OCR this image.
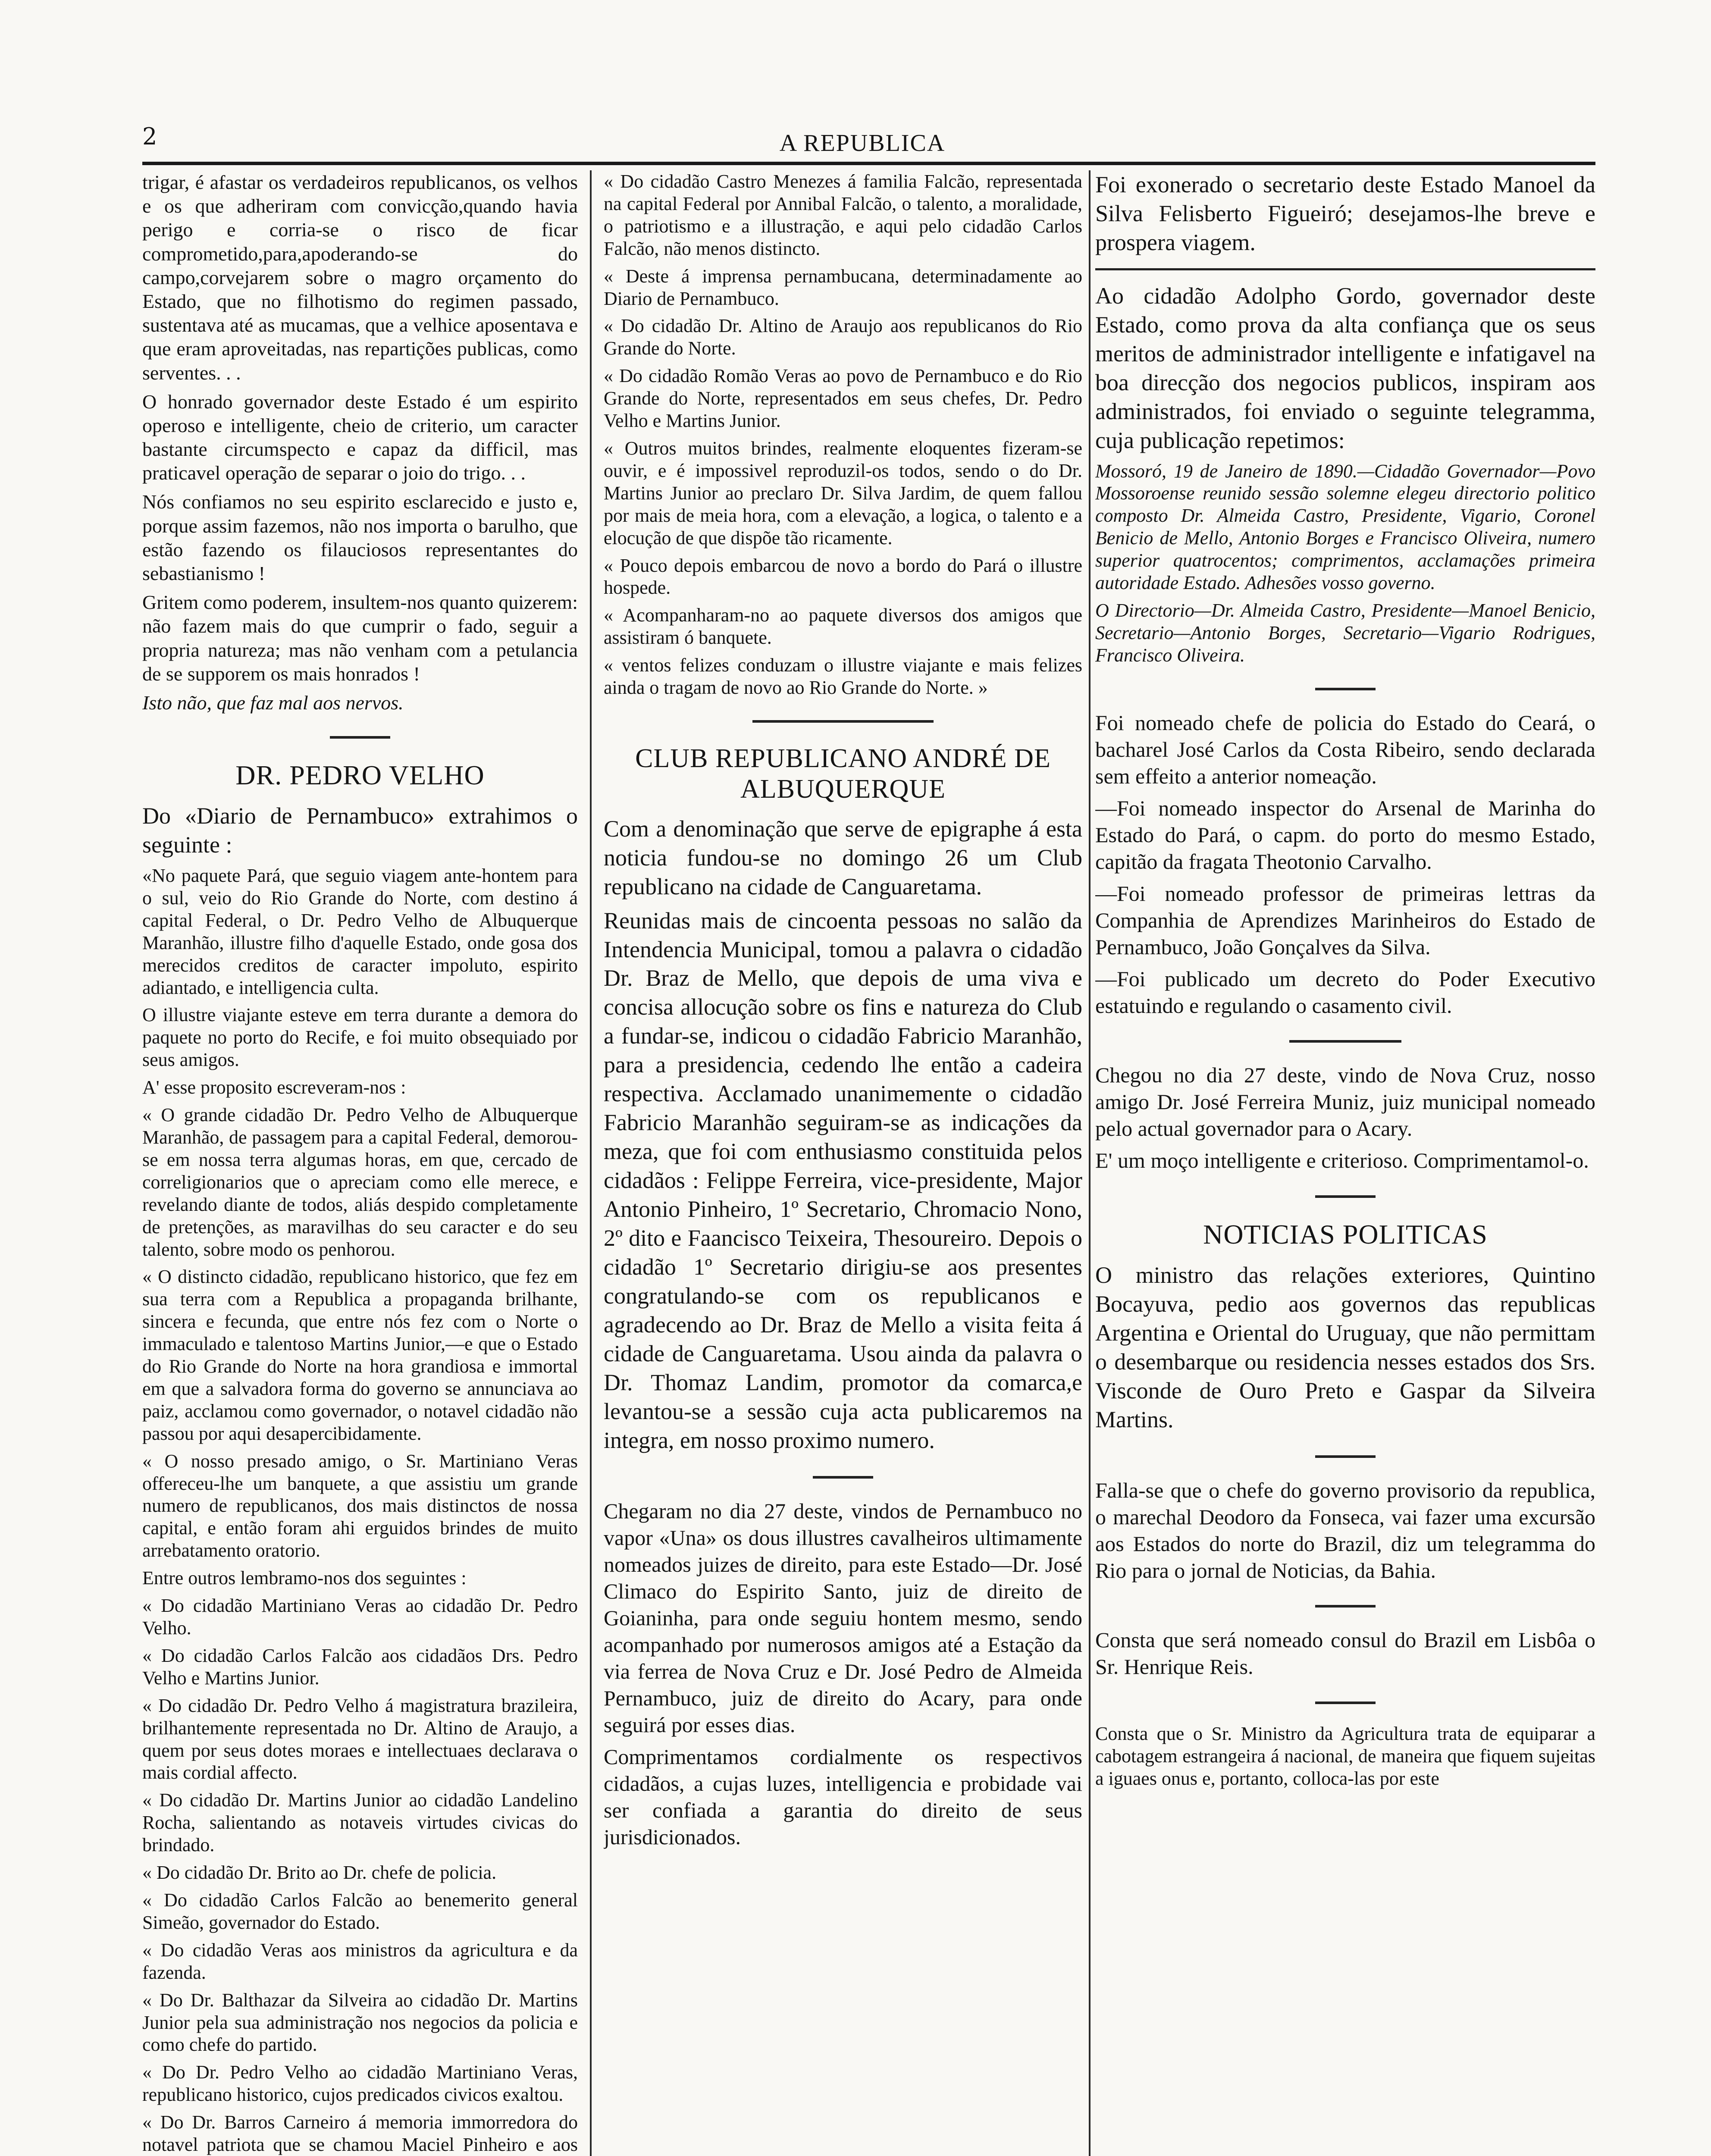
2	A REPUBLICA

trigar, é afastar os verdadeiros republicanos, os velhos e os que adheriram com convicção,quando havia perigo e corria-se o risco de ficar comprometido,para,apoderando-se do campo,corvejarem sobre o magro orçamento do Estado, que no filhotismo do regimen passado, sustentava até as mucamas, que a velhice aposentava e que eram aproveitadas, nas repartições publicas, como serventes. . .

O honrado governador deste Estado é um espirito operoso e intelligente, cheio de criterio, um caracter bastante circumspecto e capaz da difficil, mas praticavel operação de separar o joio do trigo. . .

Nós confiamos no seu espirito esclarecido e justo e, porque assim fazemos, não nos importa o barulho, que estão fazendo os filauciosos representantes do sebastianismo !

Gritem como poderem, insultem-nos quanto quizerem: não fazem mais do que cumprir o fado, seguir a propria natureza; mas não venham com a petulancia de se supporem os mais honrados !

Isto não, que faz mal aos nervos.

DR. PEDRO VELHO

Do «Diario de Pernambuco» extrahimos o seguinte :

«No paquete Pará, que seguio viagem ante-hontem para o sul, veio do Rio Grande do Norte, com destino á capital Federal, o Dr. Pedro Velho de Albuquerque Maranhão, illustre filho d'aquelle Estado, onde gosa dos merecidos creditos de caracter impoluto, espirito adiantado, e intelligencia culta.

O illustre viajante esteve em terra durante a demora do paquete no porto do Recife, e foi muito obsequiado por seus amigos.

A' esse proposito escreveram-nos :

« O grande cidadão Dr. Pedro Velho de Albuquerque Maranhão, de passagem para a capital Federal, demorou-se em nossa terra algumas horas, em que, cercado de correligionarios que o apreciam como elle merece, e revelando diante de todos, aliás despido completamente de pretenções, as maravilhas do seu caracter e do seu talento, sobre modo os penhorou.

« O distincto cidadão, republicano historico, que fez em sua terra com a Republica a propaganda brilhante, sincera e fecunda, que entre nós fez com o Norte o immaculado e talentoso Martins Junior,—e que o Estado do Rio Grande do Norte na hora grandiosa e immortal em que a salvadora forma do governo se annunciava ao paiz, acclamou como governador, o notavel cidadão não passou por aqui desapercibidamente.

« O nosso presado amigo, o Sr. Martiniano Veras offereceu-lhe um banquete, a que assistiu um grande numero de republicanos, dos mais distinctos de nossa capital, e então foram ahi erguidos brindes de muito arrebatamento oratorio.

Entre outros lembramo-nos dos seguintes :

« Do cidadão Martiniano Veras ao cidadão Dr. Pedro Velho.

« Do cidadão Carlos Falcão aos cidadãos Drs. Pedro Velho e Martins Junior.

« Do cidadão Dr. Pedro Velho á magistratura brazileira, brilhantemente representada no Dr. Altino de Araujo, a quem por seus dotes moraes e intellectuaes declarava o mais cordial affecto.

« Do cidadão Dr. Martins Junior ao cidadão Landelino Rocha, salientando as notaveis virtudes civicas do brindado.

« Do cidadão Dr. Brito ao Dr. chefe de policia.

« Do cidadão Carlos Falcão ao benemerito general Simeão, governador do Estado.

« Do cidadão Veras aos ministros da agricultura e da fazenda.

« Do Dr. Balthazar da Silveira ao cidadão Dr. Martins Junior pela sua administração nos negocios da policia e como chefe do partido.

« Do Dr. Pedro Velho ao cidadão Martiniano Veras, republicano historico, cujos predicados civicos exaltou.

« Do Dr. Barros Carneiro á memoria immorredora do notavel patriota que se chamou Maciel Pinheiro e aos

« Do cidadão Castro Menezes á familia Falcão, representada na capital Federal por Annibal Falcão, o talento, a moralidade, o patriotismo e a illustração, e aqui pelo cidadão Carlos Falcão, não menos distincto.

« Deste á imprensa pernambucana, determinadamente ao Diario de Pernambuco.

« Do cidadão Dr. Altino de Araujo aos republicanos do Rio Grande do Norte.

« Do cidadão Romão Veras ao povo de Pernambuco e do Rio Grande do Norte, representados em seus chefes, Dr. Pedro Velho e Martins Junior.

« Outros muitos brindes, realmente eloquentes fizeram-se ouvir, e é impossivel reproduzil-os todos, sendo o do Dr. Martins Junior ao preclaro Dr. Silva Jardim, de quem fallou por mais de meia hora, com a elevação, a logica, o talento e a elocução de que dispõe tão ricamente.

« Pouco depois embarcou de novo a bordo do Pará o illustre hospede.

« Acompanharam-no ao paquete diversos dos amigos que assistiram ó banquete.

« ventos felizes conduzam o illustre viajante e mais felizes ainda o tragam de novo ao Rio Grande do Norte. »

CLUB REPUBLICANO ANDRÉ DE ALBUQUERQUE

Com a denominação que serve de epigraphe á esta noticia fundou-se no domingo 26 um Club republicano na cidade de Canguaretama.

Reunidas mais de cincoenta pessoas no salão da Intendencia Municipal, tomou a palavra o cidadão Dr. Braz de Mello, que depois de uma viva e concisa allocução sobre os fins e natureza do Club a fundar-se, indicou o cidadão Fabricio Maranhão, para a presidencia, cedendo lhe então a cadeira respectiva. Acclamado unanimemente o cidadão Fabricio Maranhão seguiram-se as indicações da meza, que foi com enthusiasmo constituida pelos cidadãos : Felippe Ferreira, vice-presidente, Major Antonio Pinheiro, 1º Secretario, Chromacio Nono, 2º dito e Faancisco Teixeira, Thesoureiro. Depois o cidadão 1º Secretario dirigiu-se aos presentes congratulando-se com os republicanos e agradecendo ao Dr. Braz de Mello a visita feita á cidade de Canguaretama. Usou ainda da palavra o Dr. Thomaz Landim, promotor da comarca,e levantou-se a sessão cuja acta publicaremos na integra, em nosso proximo numero.

Chegaram no dia 27 deste, vindos de Pernambuco no vapor «Una» os dous illustres cavalheiros ultimamente nomeados juizes de direito, para este Estado—Dr. José Climaco do Espirito Santo, juiz de direito de Goianinha, para onde seguiu hontem mesmo, sendo acompanhado por numerosos amigos até a Estação da via ferrea de Nova Cruz e Dr. José Pedro de Almeida Pernambuco, juiz de direito do Acary, para onde seguirá por esses dias.

Comprimentamos cordialmente os respectivos cidadãos, a cujas luzes, intelligencia e probidade vai ser confiada a garantia do direito de seus jurisdicionados.

Foi exonerado o secretario deste Estado Manoel da Silva Felisberto Figueiró; desejamos-lhe breve e prospera viagem.

Ao cidadão Adolpho Gordo, governador deste Estado, como prova da alta confiança que os seus meritos de administrador intelligente e infatigavel na boa direcção dos negocios publicos, inspiram aos administrados, foi enviado o seguinte telegramma, cuja publicação repetimos:

Mossoró, 19 de Janeiro de 1890.—Cidadão Governador—Povo Mossoroense reunido sessão solemne elegeu directorio politico composto Dr. Almeida Castro, Presidente, Vigario, Coronel Benicio de Mello, Antonio Borges e Francisco Oliveira, numero superior quatrocentos; comprimentos, acclamações primeira autoridade Estado. Adhesões vosso governo.

O Directorio—Dr. Almeida Castro, Presidente—Manoel Benicio, Secretario—Antonio Borges, Secretario—Vigario Rodrigues, Francisco Oliveira.

Foi nomeado chefe de policia do Estado do Ceará, o bacharel José Carlos da Costa Ribeiro, sendo declarada sem effeito a anterior nomeação.

—Foi nomeado inspector do Arsenal de Marinha do Estado do Pará, o capm. do porto do mesmo Estado, capitão da fragata Theotonio Carvalho.

—Foi nomeado professor de primeiras lettras da Companhia de Aprendizes Marinheiros do Estado de Pernambuco, João Gonçalves da Silva.

—Foi publicado um decreto do Poder Executivo estatuindo e regulando o casamento civil.

Chegou no dia 27 deste, vindo de Nova Cruz, nosso amigo Dr. José Ferreira Muniz, juiz municipal nomeado pelo actual governador para o Acary.

E' um moço intelligente e criterioso. Comprimentamol-o.

NOTICIAS POLITICAS

O ministro das relações exteriores, Quintino Bocayuva, pedio aos governos das republicas Argentina e Oriental do Uruguay, que não permittam o desembarque ou residencia nesses estados dos Srs. Visconde de Ouro Preto e Gaspar da Silveira Martins.

Falla-se que o chefe do governo provisorio da republica, o marechal Deodoro da Fonseca, vai fazer uma excursão aos Estados do norte do Brazil, diz um telegramma do Rio para o jornal de Noticias, da Bahia.

Consta que será nomeado consul do Brazil em Lisbôa o Sr. Henrique Reis.

Consta que o Sr. Ministro da Agricultura trata de equiparar a cabotagem estrangeira á nacional, de maneira que fiquem sujeitas a iguaes onus e, portanto, colloca-las por este
